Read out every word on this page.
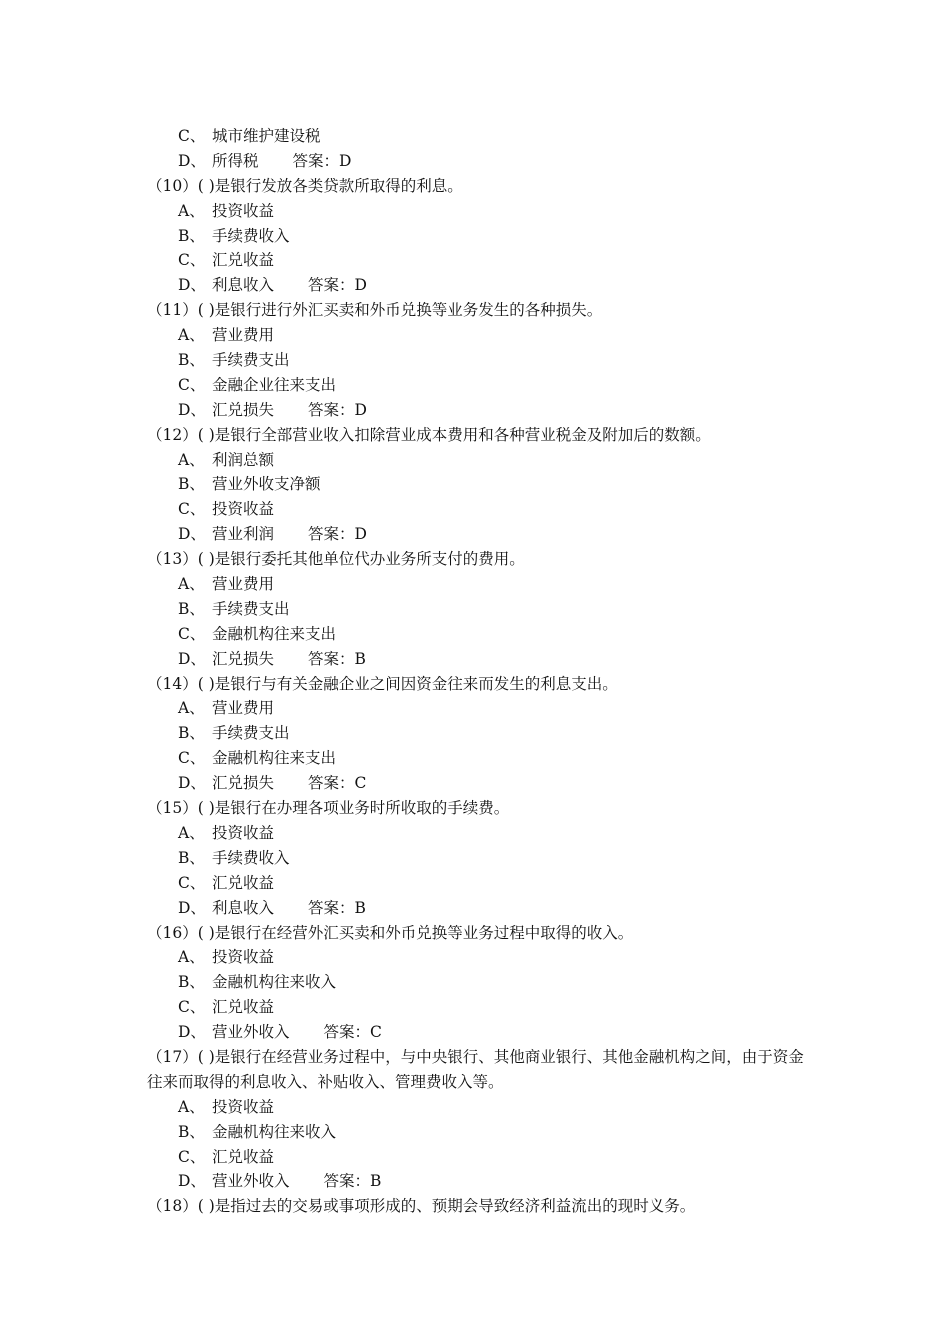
C、 城市维护建设税
D、 所得税 答案：D
（10）( )是银行发放各类贷款所取得的利息。
A、 投资收益
B、 手续费收入
C、 汇兑收益
D、 利息收入 答案：D
（11）( )是银行进行外汇买卖和外币兑换等业务发生的各种损失。
A、 营业费用
B、 手续费支出
C、 金融企业往来支出
D、 汇兑损失 答案：D
（12）( )是银行全部营业收入扣除营业成本费用和各种营业税金及附加后的数额。
A、 利润总额
B、 营业外收支净额
C、 投资收益
D、 营业利润 答案：D
（13）( )是银行委托其他单位代办业务所支付的费用。
A、 营业费用
B、 手续费支出
C、 金融机构往来支出
D、 汇兑损失 答案：B
（14）( )是银行与有关金融企业之间因资金往来而发生的利息支出。
A、 营业费用
B、 手续费支出
C、 金融机构往来支出
D、 汇兑损失 答案：C
（15）( )是银行在办理各项业务时所收取的手续费。
A、 投资收益
B、 手续费收入
C、 汇兑收益
D、 利息收入 答案：B
（16）( )是银行在经营外汇买卖和外币兑换等业务过程中取得的收入。
A、 投资收益
B、 金融机构往来收入
C、 汇兑收益
D、 营业外收入 答案：C
（17）( )是银行在经营业务过程中，与中央银行、其他商业银行、其他金融机构之间，由于资金往来而取得的利息收入、补贴收入、管理费收入等。
A、 投资收益
B、 金融机构往来收入
C、 汇兑收益
D、 营业外收入 答案：B
（18）( )是指过去的交易或事项形成的、预期会导致经济利益流出的现时义务。
